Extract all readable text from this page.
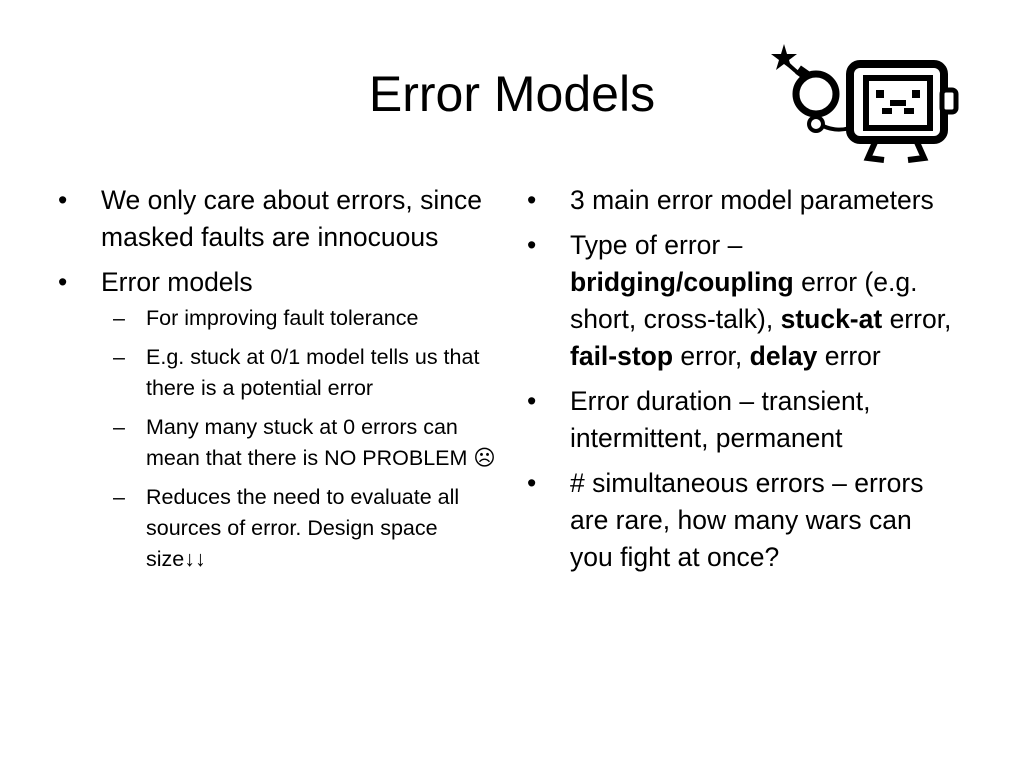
Error Models
•	We only care about errors, since masked faults are innocuous
•	Error models
– For improving fault tolerance
– E.g. stuck at 0/1 model tells us that there is a potential error
– Many many stuck at 0 errors can mean that there is NO PROBLEM ☹
– Reduces the need to evaluate all sources of error. Design space size↓↓
•	3 main error model parameters
•	Type of error – bridging/coupling error (e.g. short, cross-talk), stuck-at error, fail-stop error, delay error
•	Error duration – transient, intermittent, permanent
•	# simultaneous errors – errors are rare, how many wars can you fight at once?
